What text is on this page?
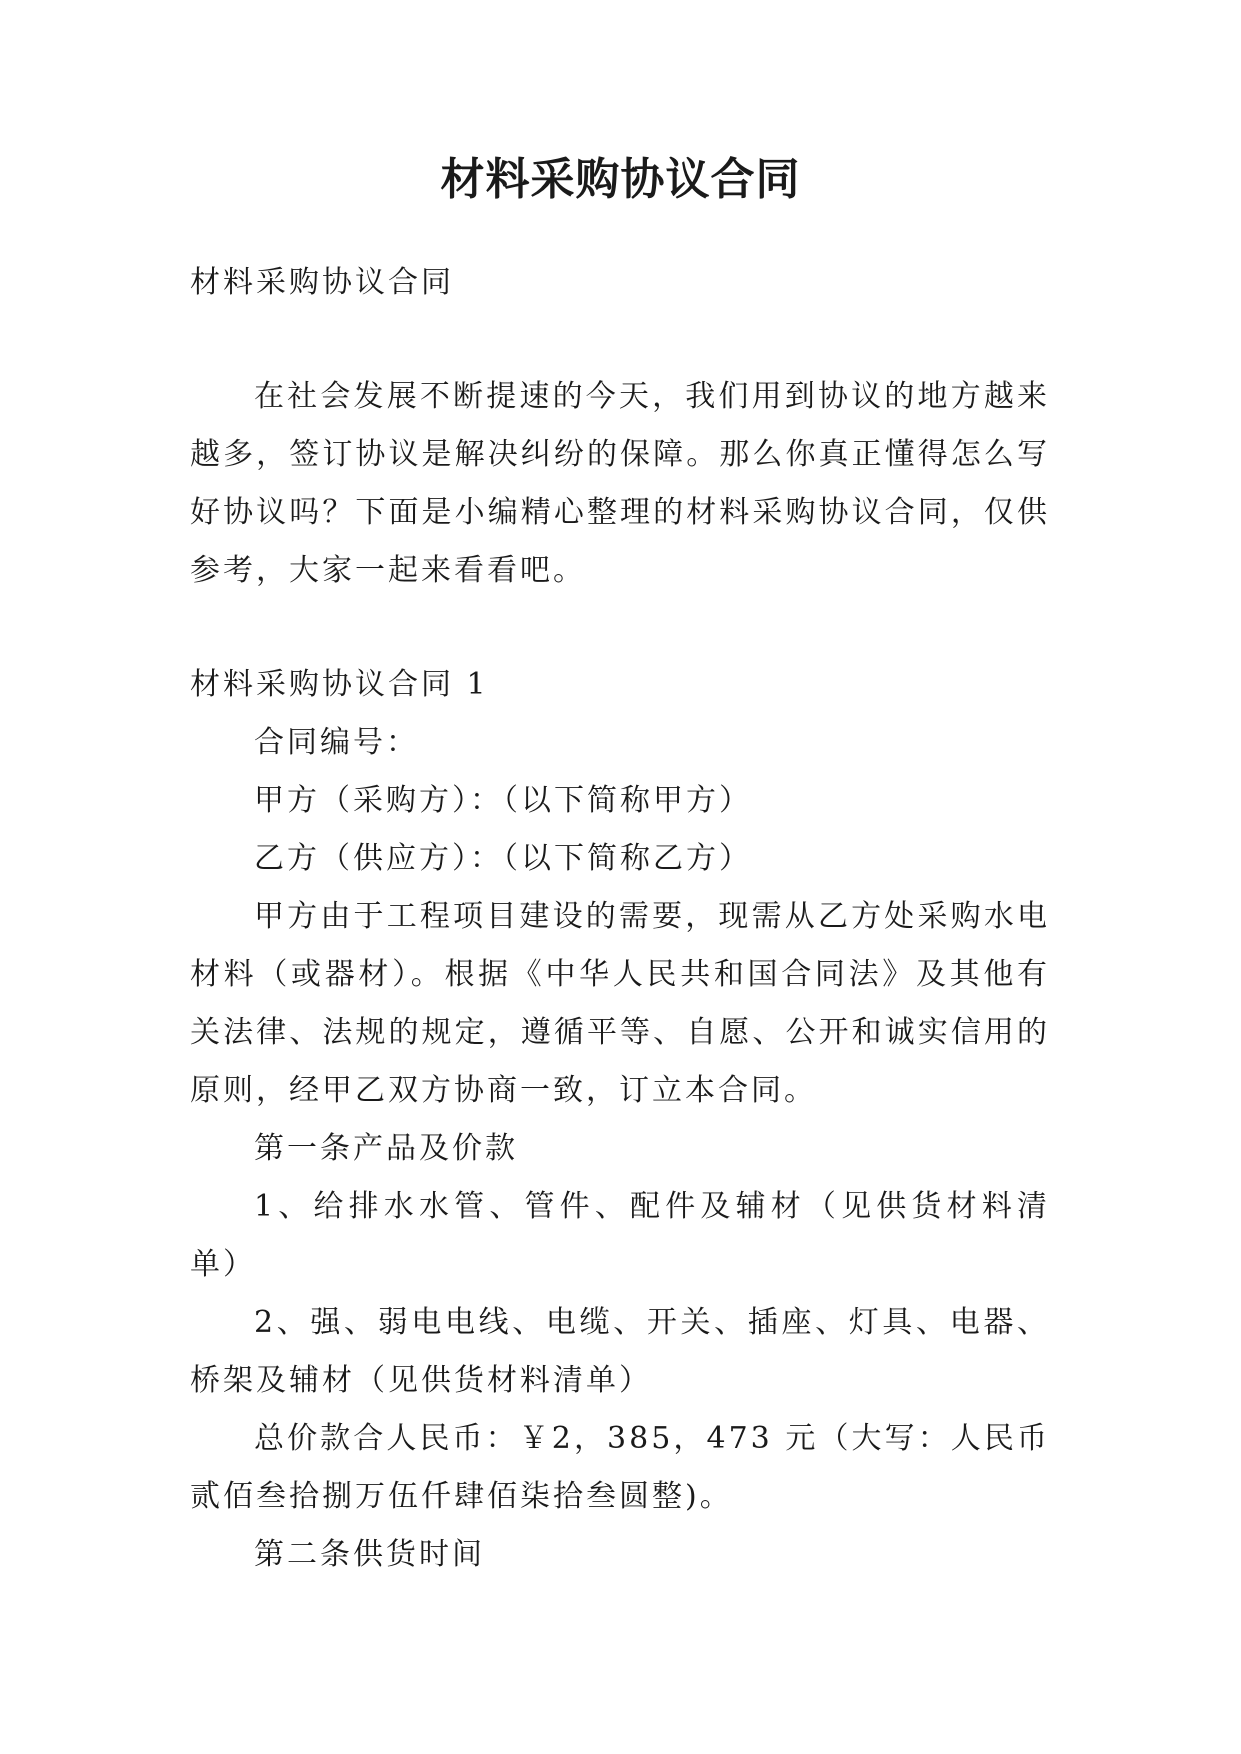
材料采购协议合同

材料采购协议合同

在社会发展不断提速的今天，我们用到协议的地方越来越多，签订协议是解决纠纷的保障。那么你真正懂得怎么写好协议吗？下面是小编精心整理的材料采购协议合同，仅供参考，大家一起来看看吧。

材料采购协议合同 1

合同编号：

甲方（采购方）：（以下简称甲方）

乙方（供应方）：（以下简称乙方）

甲方由于工程项目建设的需要，现需从乙方处采购水电材料（或器材）。根据《中华人民共和国合同法》及其他有关法律、法规的规定，遵循平等、自愿、公开和诚实信用的原则，经甲乙双方协商一致，订立本合同。

第一条产品及价款

1、给排水水管、管件、配件及辅材（见供货材料清单）

2、强、弱电电线、电缆、开关、插座、灯具、电器、桥架及辅材（见供货材料清单）

总价款合人民币：￥2，385，473 元（大写：人民币贰佰叁拾捌万伍仟肆佰柒拾叁圆整)。

第二条供货时间
